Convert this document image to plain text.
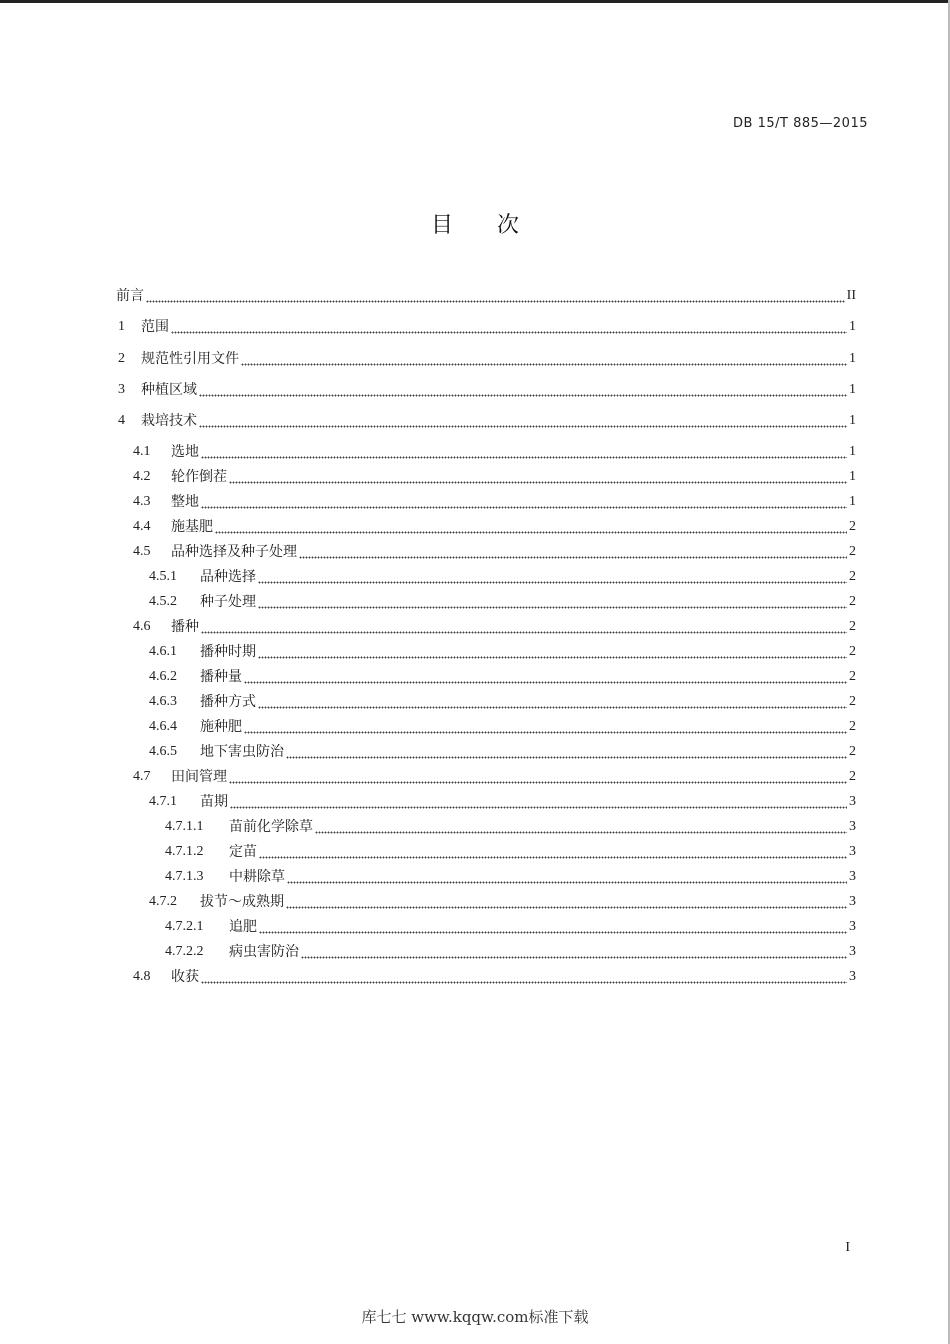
DB 15/T 885—2015
目 次
前言	II
1 范围	1
2 规范性引用文件	1
3 种植区域	1
4 栽培技术	1
4.1 选地	1
4.2 轮作倒茬	1
4.3 整地	1
4.4 施基肥	2
4.5 品种选择及种子处理	2
4.5.1 品种选择	2
4.5.2 种子处理	2
4.6 播种	2
4.6.1 播种时期	2
4.6.2 播种量	2
4.6.3 播种方式	2
4.6.4 施种肥	2
4.6.5 地下害虫防治	2
4.7 田间管理	2
4.7.1 苗期	3
4.7.1.1 苗前化学除草	3
4.7.1.2 定苗	3
4.7.1.3 中耕除草	3
4.7.2 拔节～成熟期	3
4.7.2.1 追肥	3
4.7.2.2 病虫害防治	3
4.8 收获	3
I
库七七 www.kqqw.com标准下载
